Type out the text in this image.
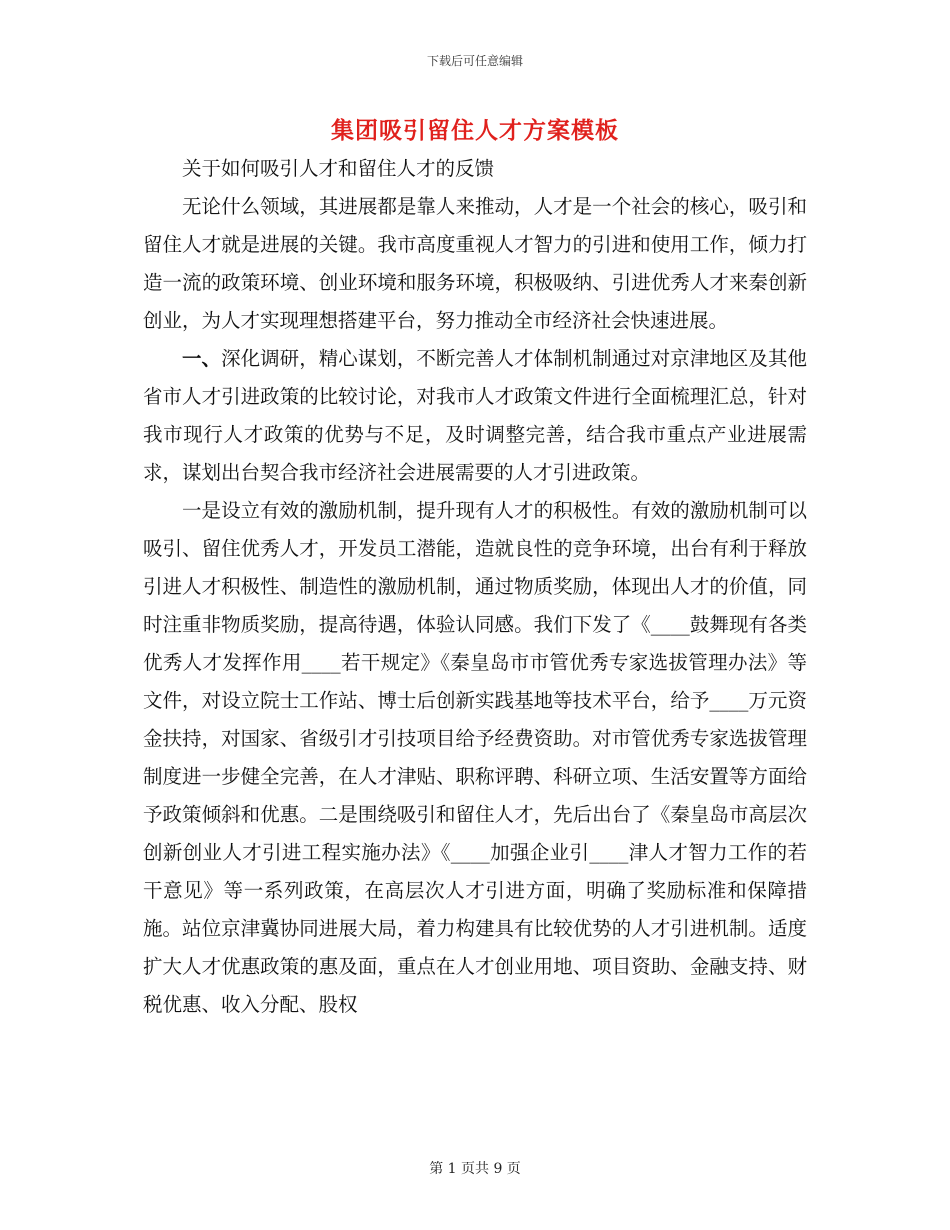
下载后可任意编辑
集团吸引留住人才方案模板

关于如何吸引人才和留住人才的反馈

无论什么领域，其进展都是靠人来推动，人才是一个社会的核心，吸引和留住人才就是进展的关键。我市高度重视人才智力的引进和使用工作，倾力打造一流的政策环境、创业环境和服务环境，积极吸纳、引进优秀人才来秦创新创业，为人才实现理想搭建平台，努力推动全市经济社会快速进展。

一、深化调研，精心谋划，不断完善人才体制机制通过对京津地区及其他省市人才引进政策的比较讨论，对我市人才政策文件进行全面梳理汇总，针对我市现行人才政策的优势与不足，及时调整完善，结合我市重点产业进展需求，谋划出台契合我市经济社会进展需要的人才引进政策。

一是设立有效的激励机制，提升现有人才的积极性。有效的激励机制可以吸引、留住优秀人才，开发员工潜能，造就良性的竞争环境，出台有利于释放引进人才积极性、制造性的激励机制，通过物质奖励，体现出人才的价值，同时注重非物质奖励，提高待遇，体验认同感。我们下发了《____鼓舞现有各类优秀人才发挥作用____若干规定》《秦皇岛市市管优秀专家选拔管理办法》等文件，对设立院士工作站、博士后创新实践基地等技术平台，给予____万元资金扶持，对国家、省级引才引技项目给予经费资助。对市管优秀专家选拔管理制度进一步健全完善，在人才津贴、职称评聘、科研立项、生活安置等方面给予政策倾斜和优惠。二是围绕吸引和留住人才，先后出台了《秦皇岛市高层次创新创业人才引进工程实施办法》《____加强企业引____津人才智力工作的若干意见》等一系列政策，在高层次人才引进方面，明确了奖励标准和保障措施。站位京津冀协同进展大局，着力构建具有比较优势的人才引进机制。适度扩大人才优惠政策的惠及面，重点在人才创业用地、项目资助、金融支持、财税优惠、收入分配、股权

第 1 页共 9 页
